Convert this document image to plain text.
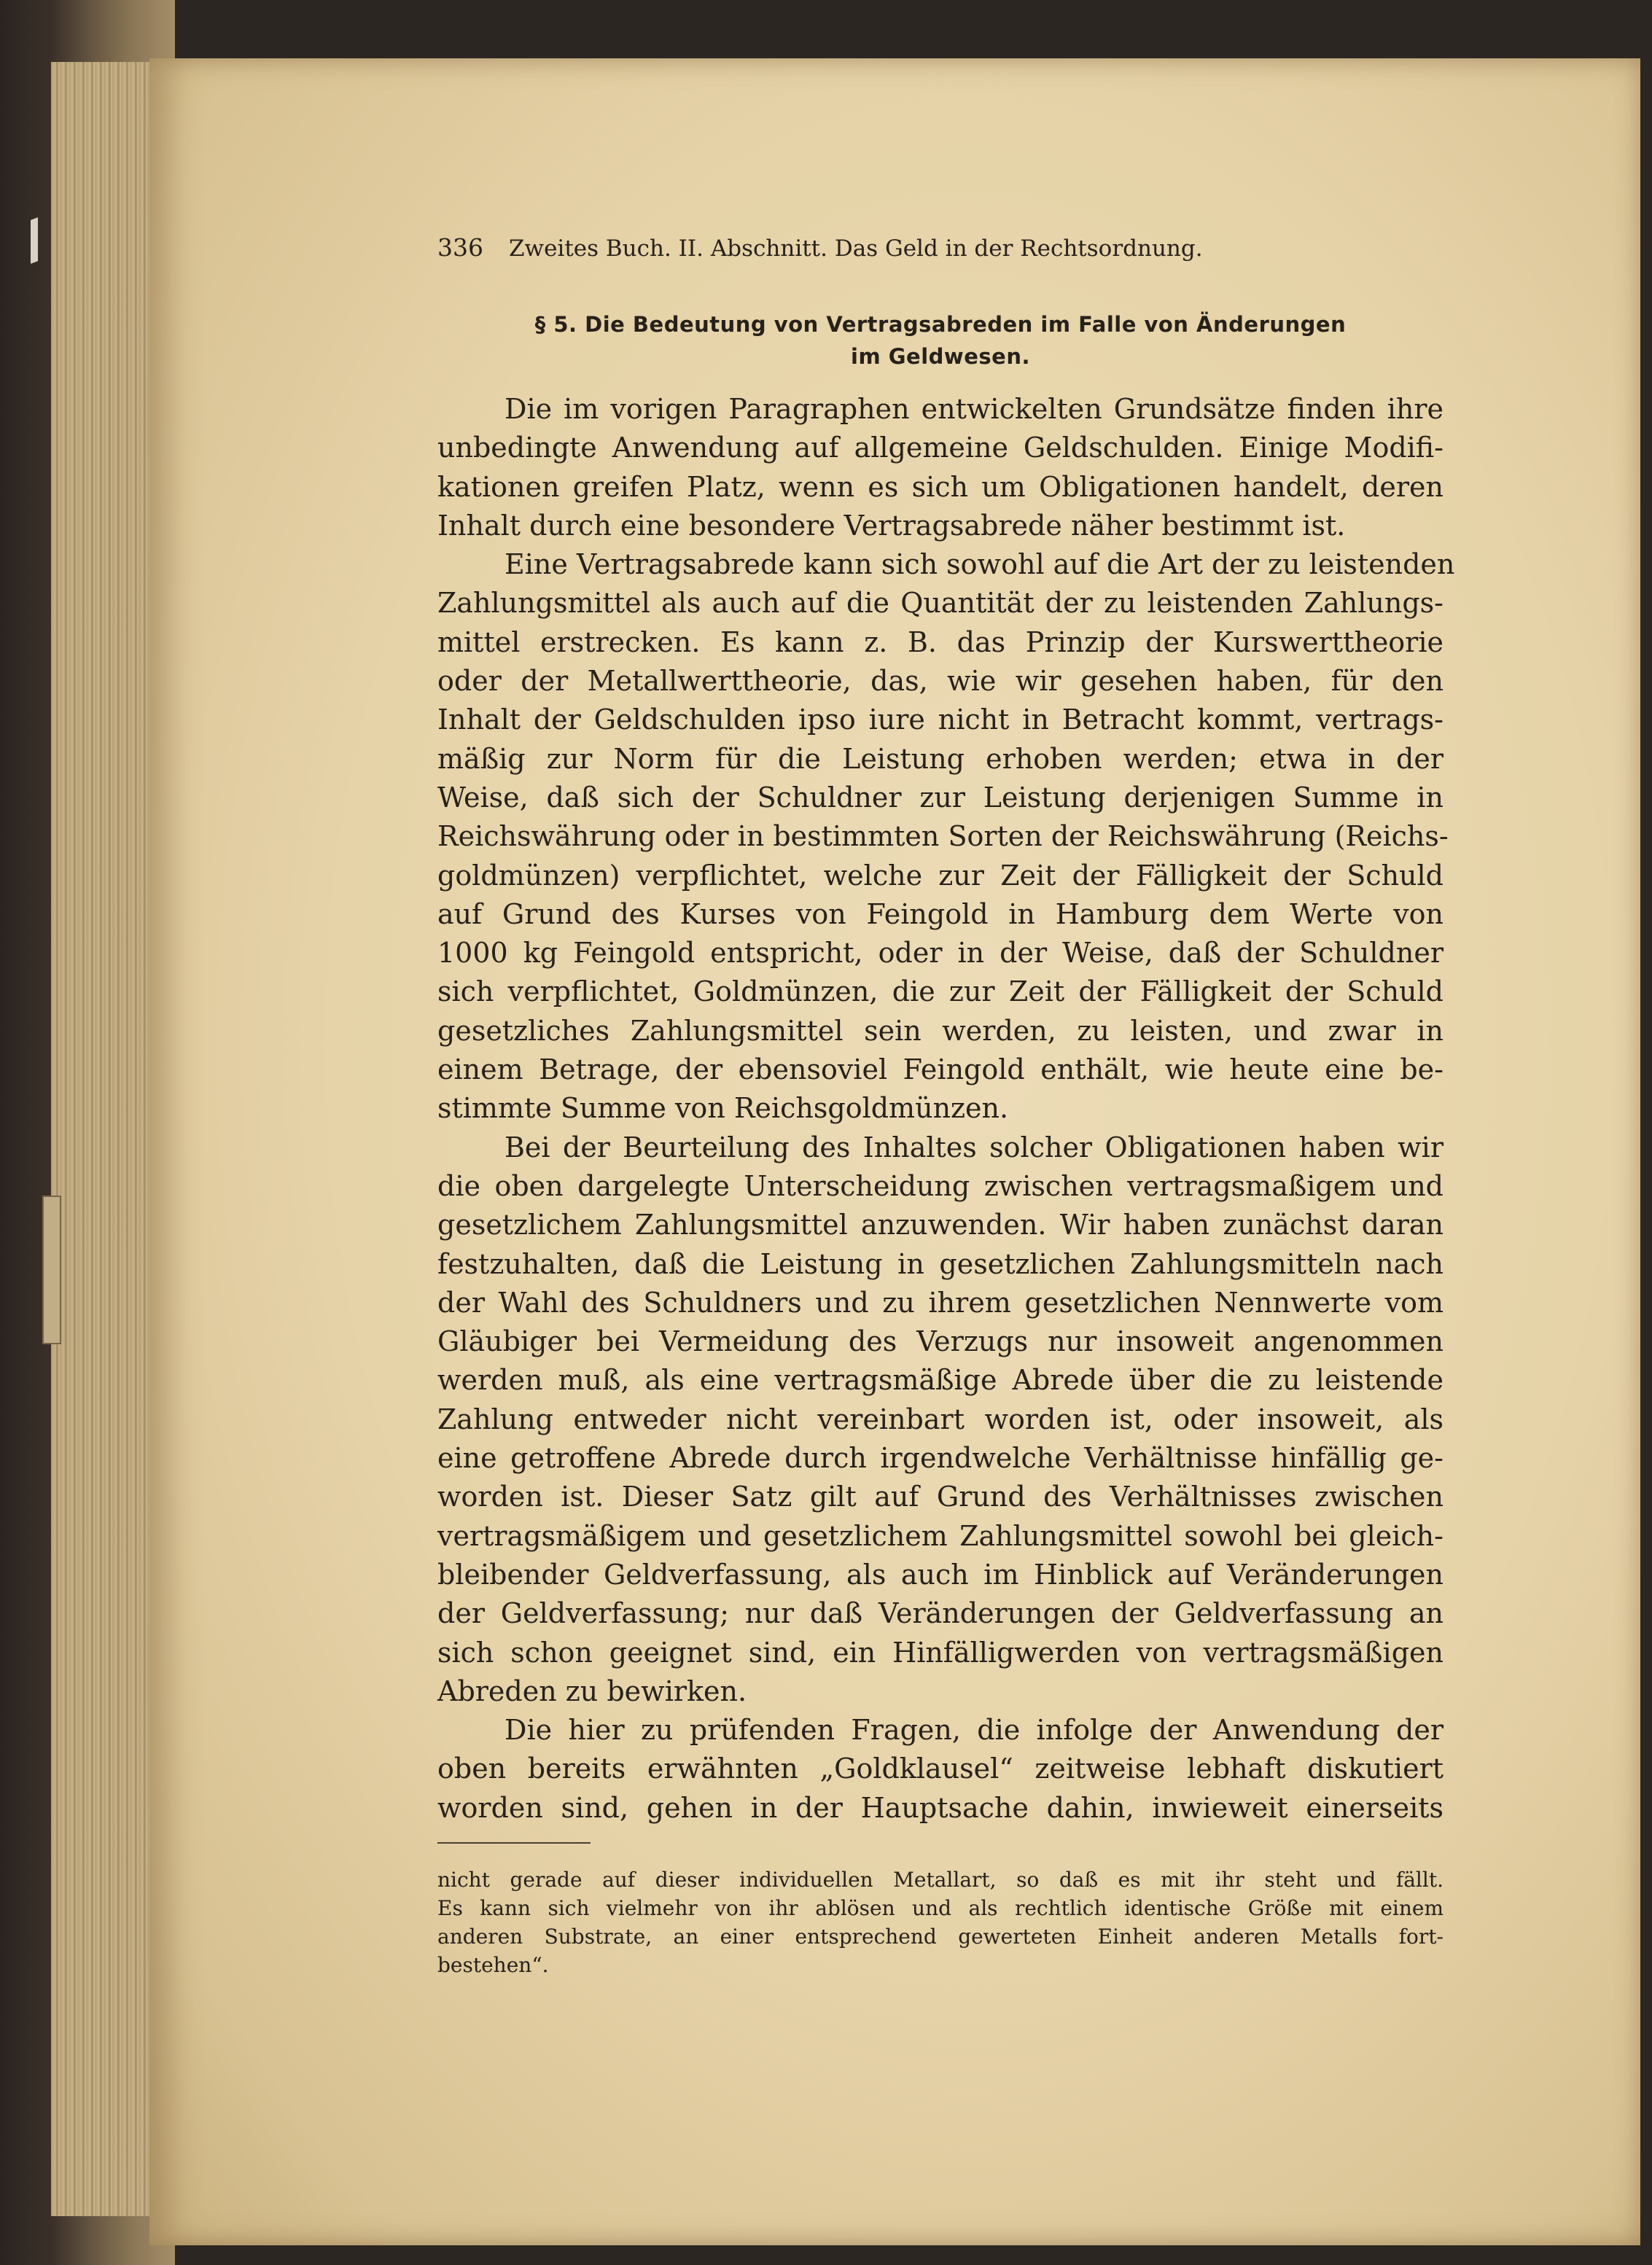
336 Zweites Buch. II. Abschnitt. Das Geld in der Rechtsordnung.
§ 5. Die Bedeutung von Vertragsabreden im Falle von Änderungen
im Geldwesen.
Die im vorigen Paragraphen entwickelten Grundsätze finden ihre
unbedingte Anwendung auf allgemeine Geldschulden. Einige Modifi-
kationen greifen Platz, wenn es sich um Obligationen handelt, deren
Inhalt durch eine besondere Vertragsabrede näher bestimmt ist.
Eine Vertragsabrede kann sich sowohl auf die Art der zu leistenden
Zahlungsmittel als auch auf die Quantität der zu leistenden Zahlungs-
mittel erstrecken. Es kann z. B. das Prinzip der Kurswerttheorie
oder der Metallwerttheorie, das, wie wir gesehen haben, für den
Inhalt der Geldschulden ipso iure nicht in Betracht kommt, vertrags-
mäßig zur Norm für die Leistung erhoben werden; etwa in der
Weise, daß sich der Schuldner zur Leistung derjenigen Summe in
Reichswährung oder in bestimmten Sorten der Reichswährung (Reichs-
goldmünzen) verpflichtet, welche zur Zeit der Fälligkeit der Schuld
auf Grund des Kurses von Feingold in Hamburg dem Werte von
1000 kg Feingold entspricht, oder in der Weise, daß der Schuldner
sich verpflichtet, Goldmünzen, die zur Zeit der Fälligkeit der Schuld
gesetzliches Zahlungsmittel sein werden, zu leisten, und zwar in
einem Betrage, der ebensoviel Feingold enthält, wie heute eine be-
stimmte Summe von Reichsgoldmünzen.
Bei der Beurteilung des Inhaltes solcher Obligationen haben wir
die oben dargelegte Unterscheidung zwischen vertragsmaßigem und
gesetzlichem Zahlungsmittel anzuwenden. Wir haben zunächst daran
festzuhalten, daß die Leistung in gesetzlichen Zahlungsmitteln nach
der Wahl des Schuldners und zu ihrem gesetzlichen Nennwerte vom
Gläubiger bei Vermeidung des Verzugs nur insoweit angenommen
werden muß, als eine vertragsmäßige Abrede über die zu leistende
Zahlung entweder nicht vereinbart worden ist, oder insoweit, als
eine getroffene Abrede durch irgendwelche Verhältnisse hinfällig ge-
worden ist. Dieser Satz gilt auf Grund des Verhältnisses zwischen
vertragsmäßigem und gesetzlichem Zahlungsmittel sowohl bei gleich-
bleibender Geldverfassung, als auch im Hinblick auf Veränderungen
der Geldverfassung; nur daß Veränderungen der Geldverfassung an
sich schon geeignet sind, ein Hinfälligwerden von vertragsmäßigen
Abreden zu bewirken.
Die hier zu prüfenden Fragen, die infolge der Anwendung der
oben bereits erwähnten „Goldklausel“ zeitweise lebhaft diskutiert
worden sind, gehen in der Hauptsache dahin, inwieweit einerseits
nicht gerade auf dieser individuellen Metallart, so daß es mit ihr steht und fällt.
Es kann sich vielmehr von ihr ablösen und als rechtlich identische Größe mit einem
anderen Substrate, an einer entsprechend gewerteten Einheit anderen Metalls fort-
bestehen“.
